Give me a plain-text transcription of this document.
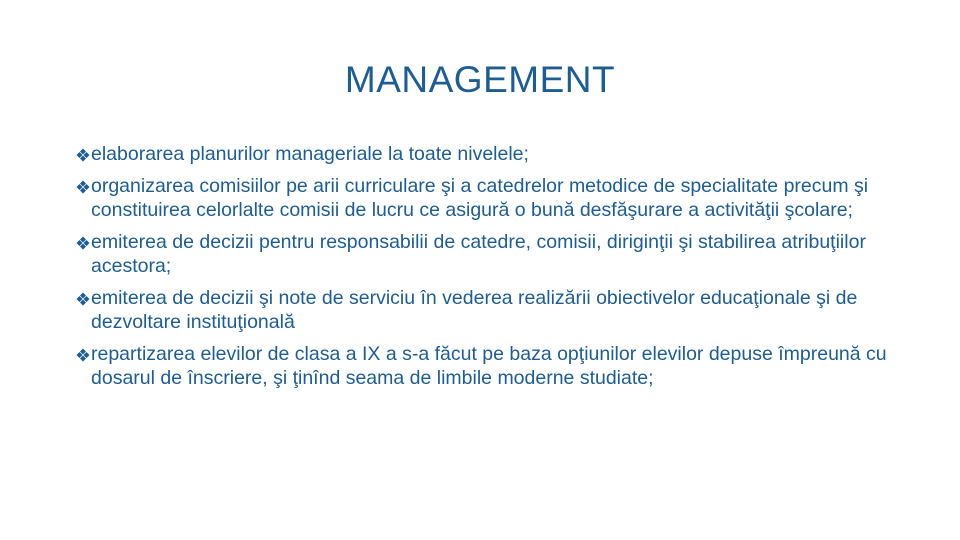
MANAGEMENT
elaborarea planurilor manageriale la toate nivelele;
organizarea comisiilor pe arii curriculare şi a catedrelor metodice de specialitate precum şi constituirea celorlalte comisii de lucru ce asigură o bună desfăşurare a activităţii şcolare;
emiterea de decizii pentru responsabilii de catedre, comisii, diriginţii şi stabilirea atribuţiilor acestora;
emiterea de decizii şi note de serviciu în vederea realizării obiectivelor educaţionale şi de dezvoltare instituţională
repartizarea elevilor de clasa a IX a s-a făcut pe baza opţiunilor elevilor depuse împreună cu dosarul de înscriere, şi ţinînd seama de limbile moderne studiate;
